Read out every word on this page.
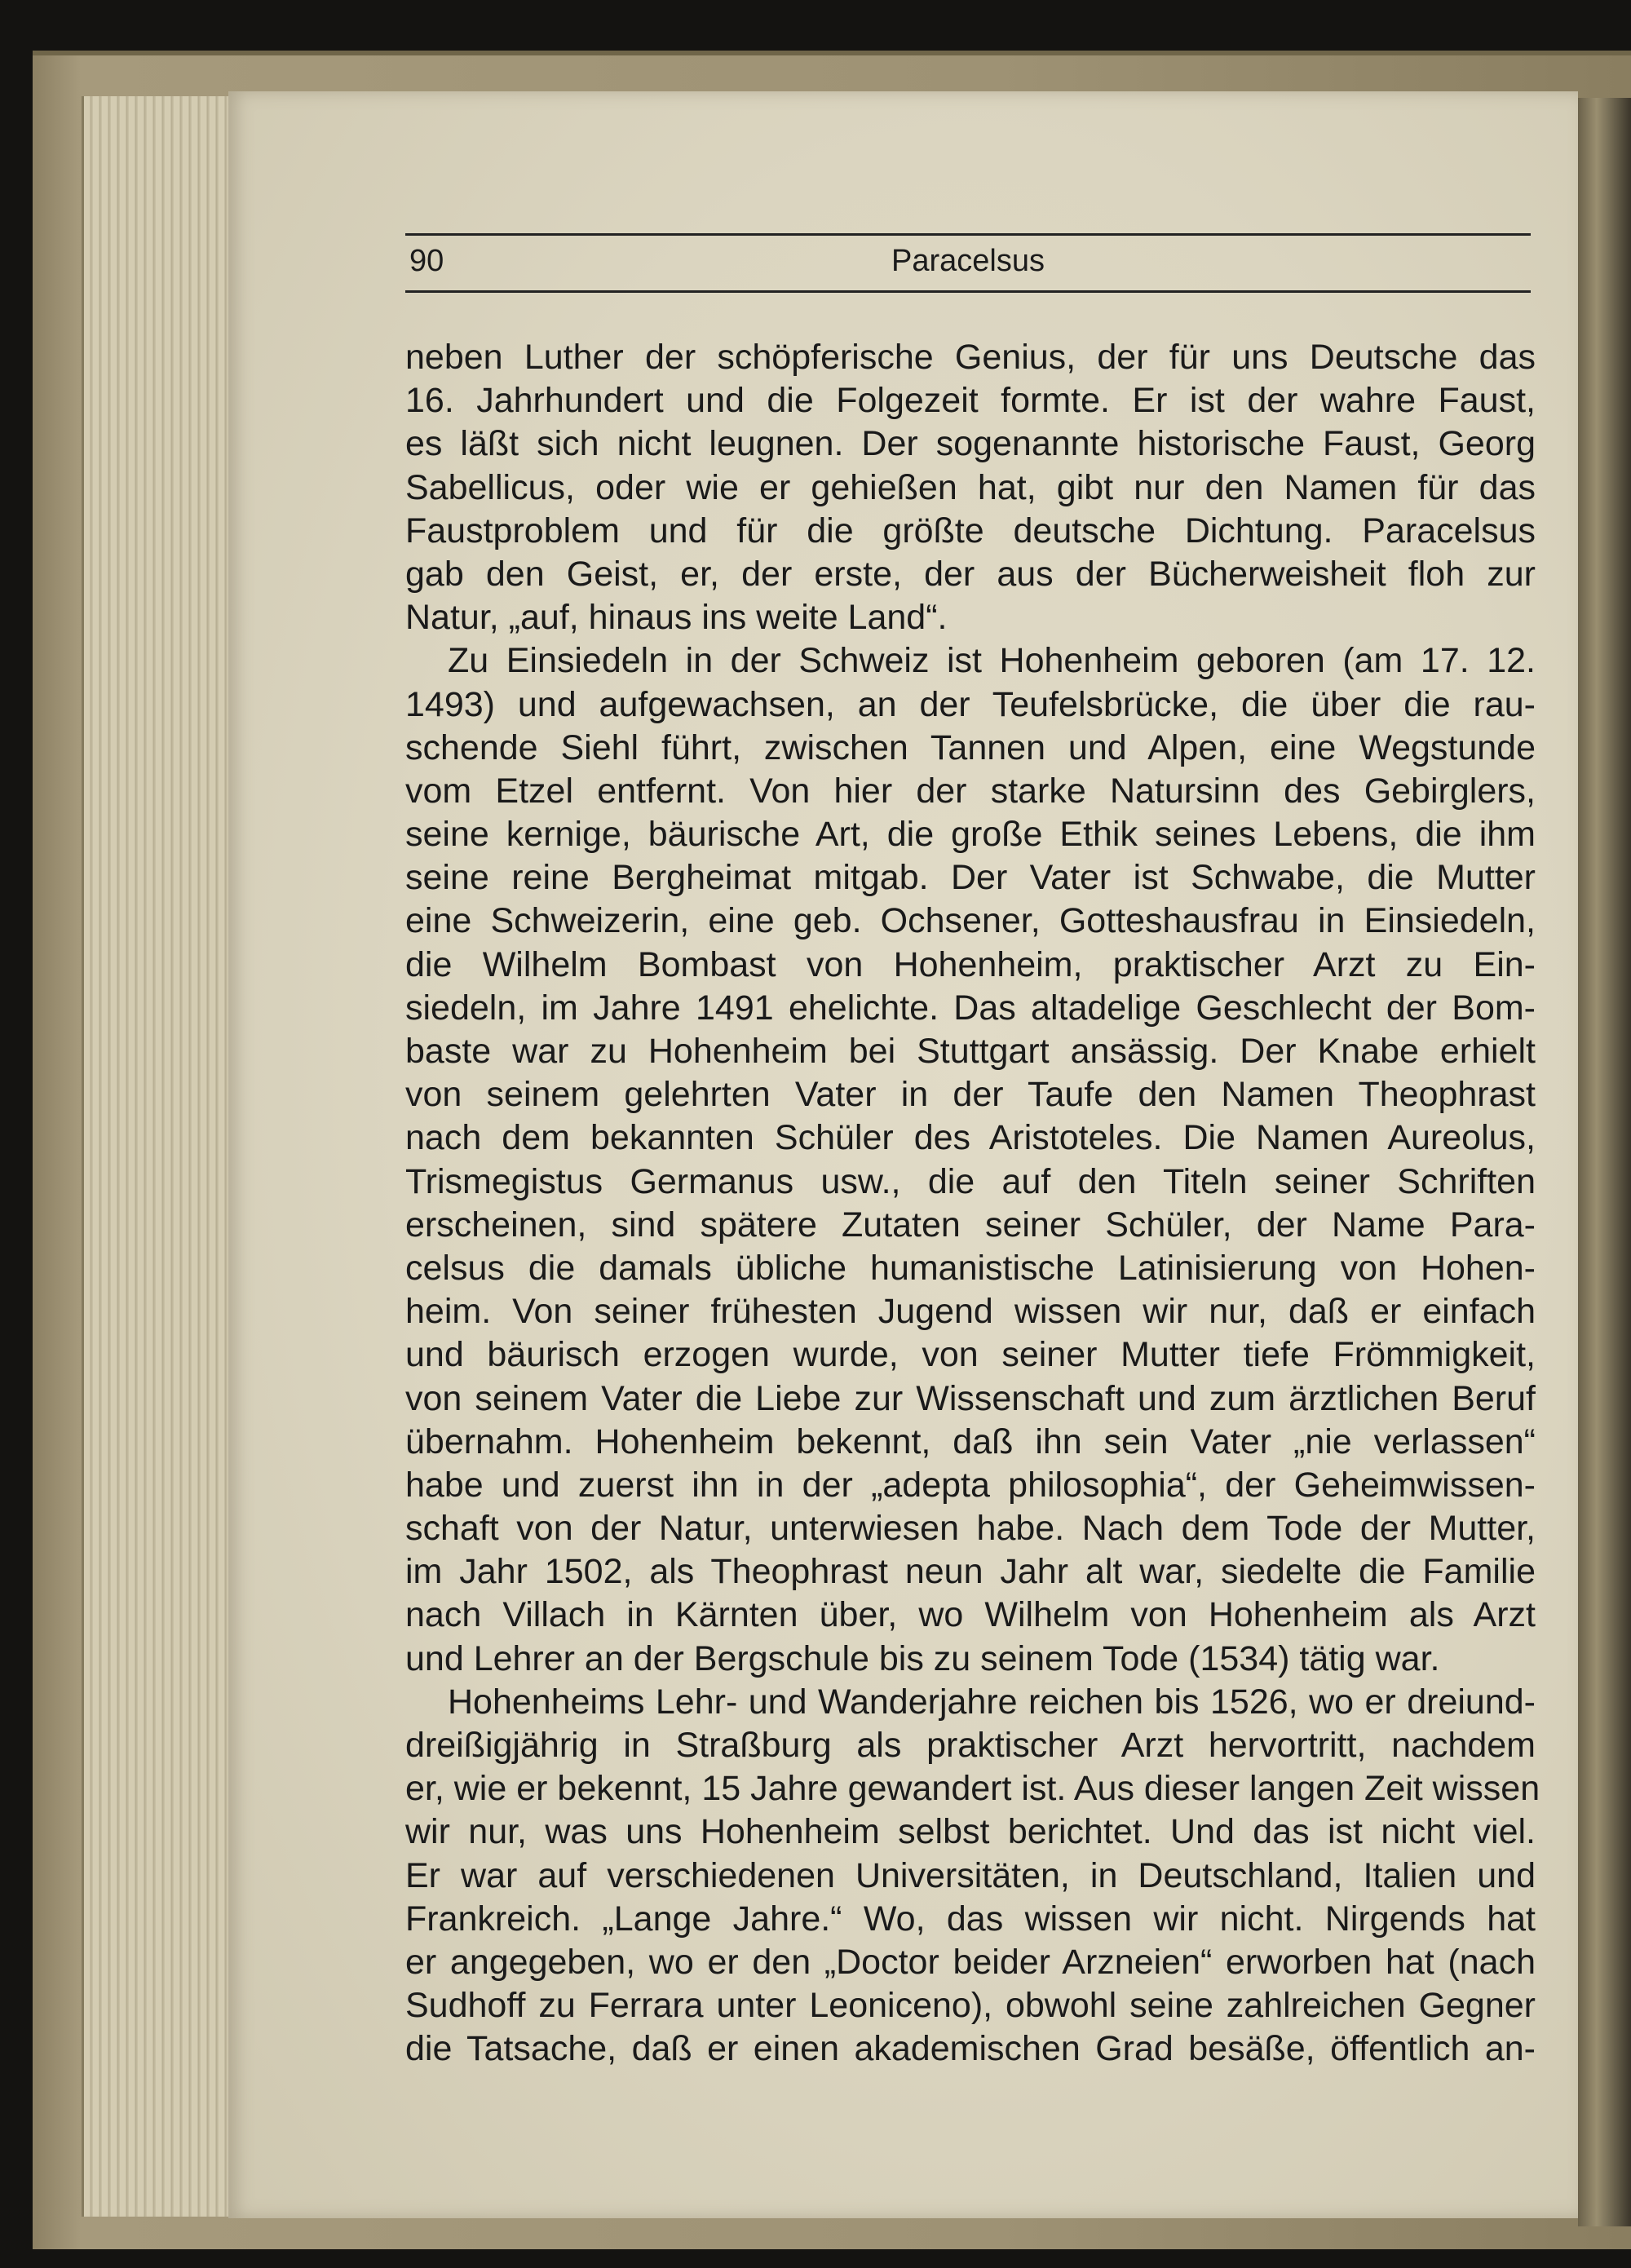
90	Paracelsus
neben Luther der schöpferische Genius, der für uns Deutsche das
16. Jahrhundert und die Folgezeit formte. Er ist der wahre Faust,
es läßt sich nicht leugnen. Der sogenannte historische Faust, Georg
Sabellicus, oder wie er gehießen hat, gibt nur den Namen für das
Faustproblem und für die größte deutsche Dichtung. Paracelsus
gab den Geist, er, der erste, der aus der Bücherweisheit floh zur
Natur, „auf, hinaus ins weite Land“.
Zu Einsiedeln in der Schweiz ist Hohenheim geboren (am 17. 12.
1493) und aufgewachsen, an der Teufelsbrücke, die über die rau-
schende Siehl führt, zwischen Tannen und Alpen, eine Wegstunde
vom Etzel entfernt. Von hier der starke Natursinn des Gebirglers,
seine kernige, bäurische Art, die große Ethik seines Lebens, die ihm
seine reine Bergheimat mitgab. Der Vater ist Schwabe, die Mutter
eine Schweizerin, eine geb. Ochsener, Gotteshausfrau in Einsiedeln,
die Wilhelm Bombast von Hohenheim, praktischer Arzt zu Ein-
siedeln, im Jahre 1491 ehelichte. Das altadelige Geschlecht der Bom-
baste war zu Hohenheim bei Stuttgart ansässig. Der Knabe erhielt
von seinem gelehrten Vater in der Taufe den Namen Theophrast
nach dem bekannten Schüler des Aristoteles. Die Namen Aureolus,
Trismegistus Germanus usw., die auf den Titeln seiner Schriften
erscheinen, sind spätere Zutaten seiner Schüler, der Name Para-
celsus die damals übliche humanistische Latinisierung von Hohen-
heim. Von seiner frühesten Jugend wissen wir nur, daß er einfach
und bäurisch erzogen wurde, von seiner Mutter tiefe Frömmigkeit,
von seinem Vater die Liebe zur Wissenschaft und zum ärztlichen Beruf
übernahm. Hohenheim bekennt, daß ihn sein Vater „nie verlassen“
habe und zuerst ihn in der „adepta philosophia“, der Geheimwissen-
schaft von der Natur, unterwiesen habe. Nach dem Tode der Mutter,
im Jahr 1502, als Theophrast neun Jahr alt war, siedelte die Familie
nach Villach in Kärnten über, wo Wilhelm von Hohenheim als Arzt
und Lehrer an der Bergschule bis zu seinem Tode (1534) tätig war.
Hohenheims Lehr- und Wanderjahre reichen bis 1526, wo er dreiund-
dreißigjährig in Straßburg als praktischer Arzt hervortritt, nachdem
er, wie er bekennt, 15 Jahre gewandert ist. Aus dieser langen Zeit wissen
wir nur, was uns Hohenheim selbst berichtet. Und das ist nicht viel.
Er war auf verschiedenen Universitäten, in Deutschland, Italien und
Frankreich. „Lange Jahre.“ Wo, das wissen wir nicht. Nirgends hat
er angegeben, wo er den „Doctor beider Arzneien“ erworben hat (nach
Sudhoff zu Ferrara unter Leoniceno), obwohl seine zahlreichen Gegner
die Tatsache, daß er einen akademischen Grad besäße, öffentlich an-
